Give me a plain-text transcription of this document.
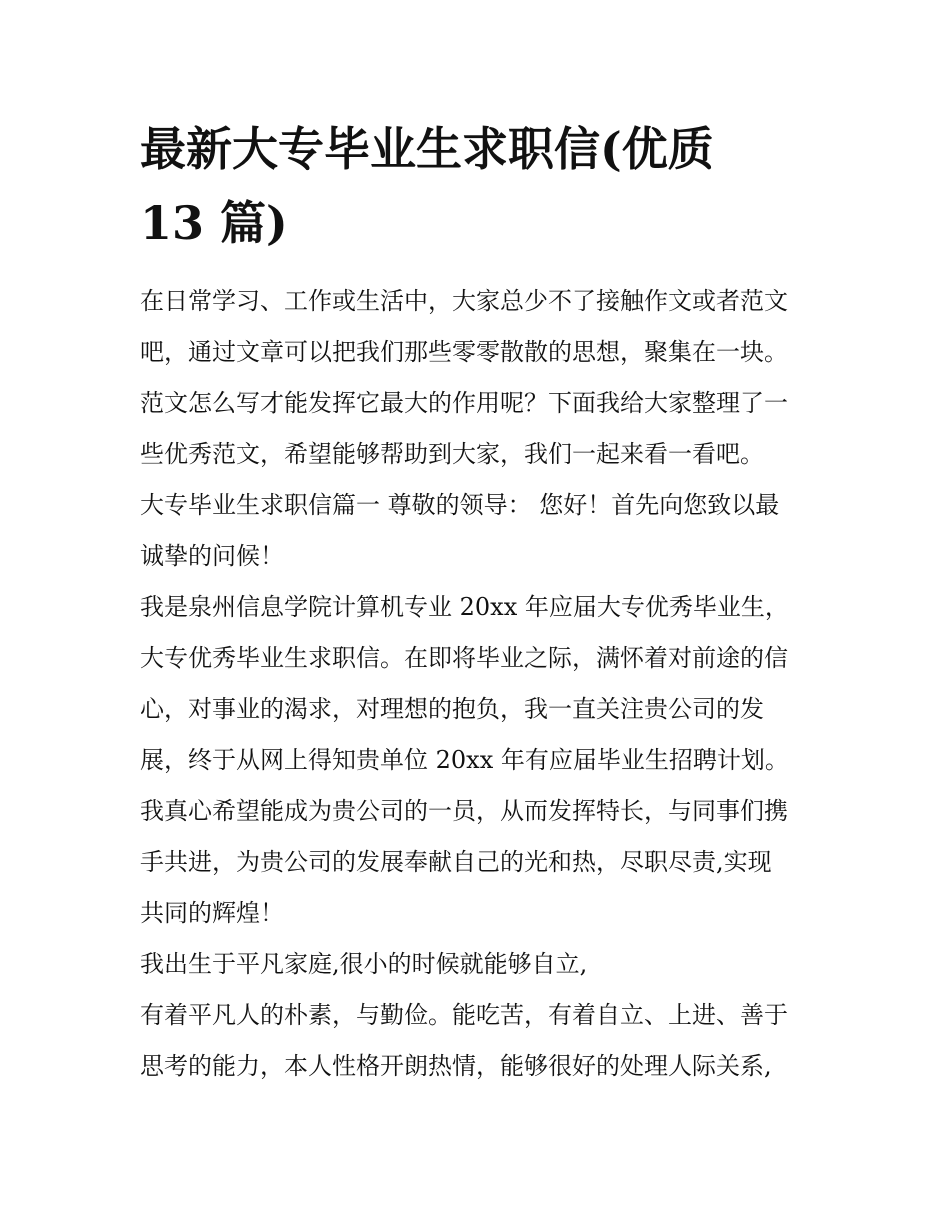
最新大专毕业生求职信(优质
13 篇)
在日常学习、工作或生活中，大家总少不了接触作文或者范文
吧，通过文章可以把我们那些零零散散的思想，聚集在一块。
范文怎么写才能发挥它最大的作用呢？下面我给大家整理了一
些优秀范文，希望能够帮助到大家，我们一起来看一看吧。
大专毕业生求职信篇一 尊敬的领导： 您好！首先向您致以最
诚挚的问候！
我是泉州信息学院计算机专业 20xx 年应届大专优秀毕业生，
大专优秀毕业生求职信。在即将毕业之际，满怀着对前途的信
心，对事业的渴求，对理想的抱负，我一直关注贵公司的发
展，终于从网上得知贵单位 20xx 年有应届毕业生招聘计划。
我真心希望能成为贵公司的一员，从而发挥特长，与同事们携
手共进，为贵公司的发展奉献自己的光和热，尽职尽责,实现
共同的辉煌！
我出生于平凡家庭,很小的时候就能够自立,
有着平凡人的朴素，与勤俭。能吃苦，有着自立、上进、善于
思考的能力，本人性格开朗热情，能够很好的处理人际关系,
